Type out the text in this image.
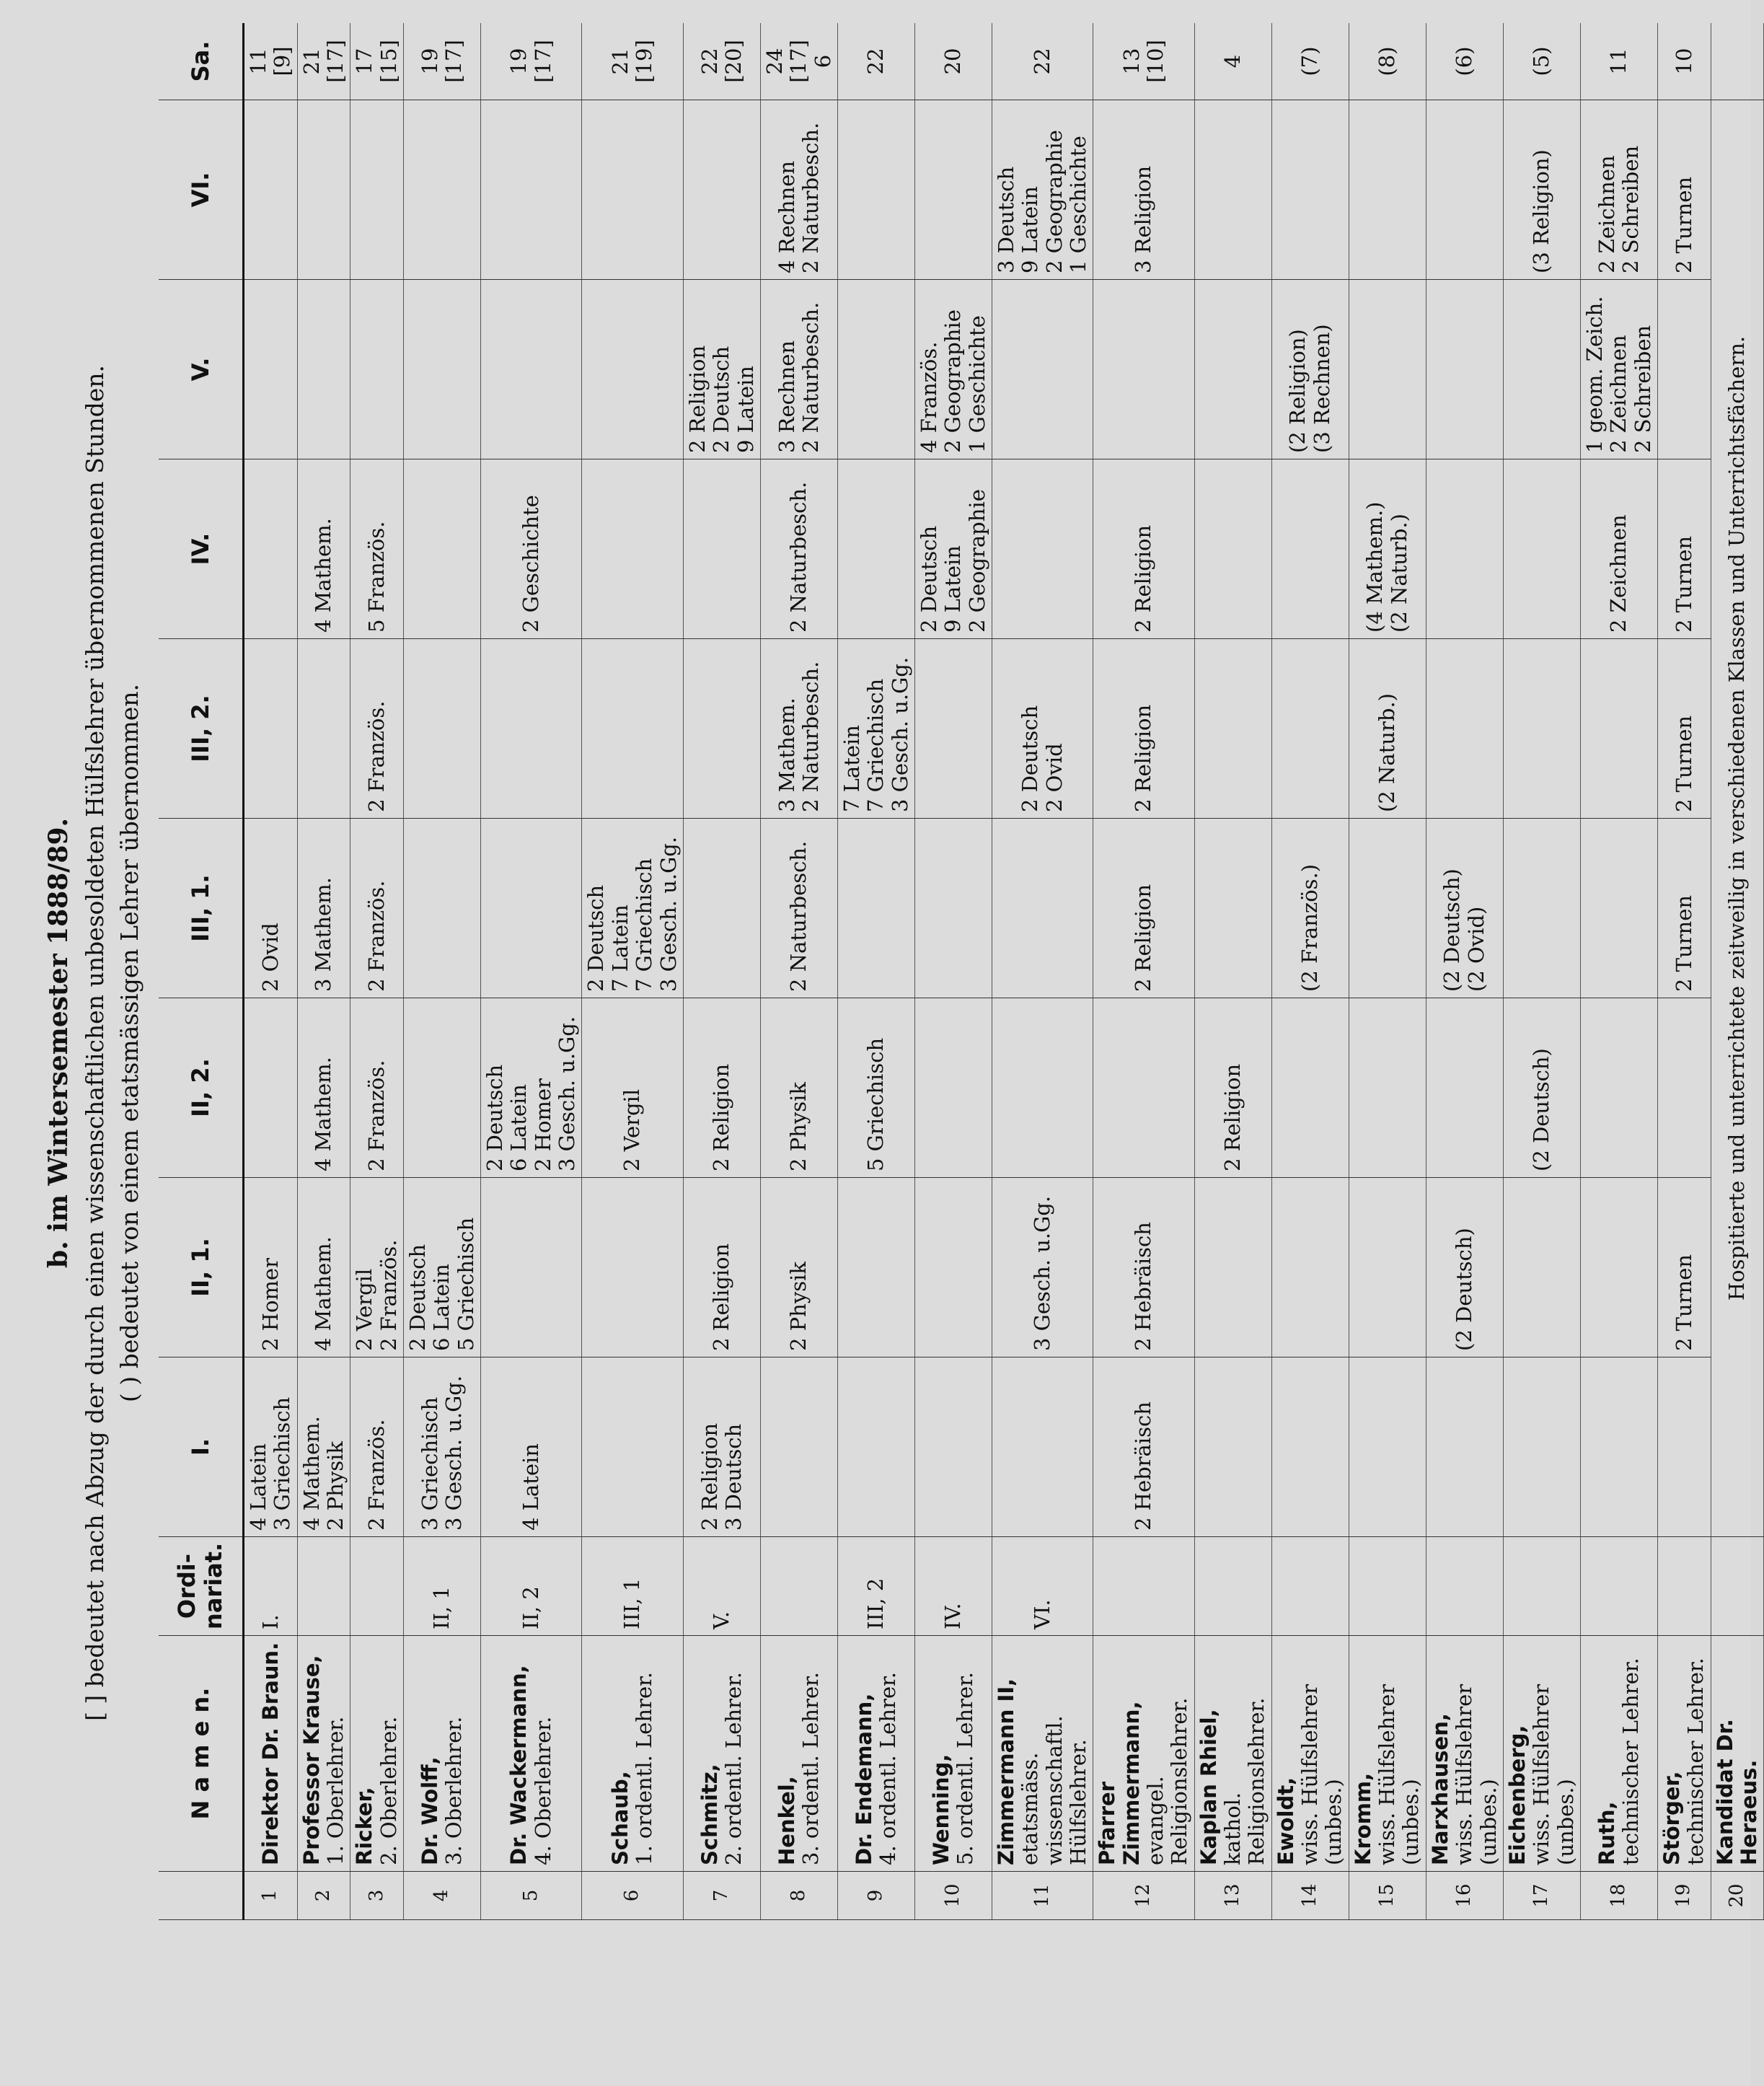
b. im Wintersemester 1888/89. [ ] bedeutet nach Abzug der durch einen wissenschaftlichen unbesoldeten Hülfslehrer übernommenen Stunden. ( ) bedeutet von einem etatsmässigen Lehrer übernommen.
	N a m e n.	Ordi-nariat.	I.	II, 1.	II, 2.	III, 1.	III, 2.	IV.	V.	VI.	Sa.
1	Direktor Dr. Braun.	I.	4 Latein 3 Griechisch	2 Homer		2 Ovid					11 [9]

2	Professor Krause, 1. Oberlehrer.		4 Mathem. 2 Physik	4 Mathem.	4 Mathem.	3 Mathem.		4 Mathem.			21 [17]

3	Ricker, 2. Oberlehrer.		2 Französ.	2 Vergil 2 Französ.	2 Französ.	2 Französ.	2 Französ.	5 Französ.			17 [15]

4	Dr. Wolff, 3. Oberlehrer.	II, 1	3 Griechisch 3 Gesch. u.Gg.	2 Deutsch 6 Latein 5 Griechisch							19 [17]

5	Dr. Wackermann, 4. Oberlehrer.	II, 2	4 Latein		2 Deutsch 6 Latein 2 Homer 3 Gesch. u.Gg.			2 Geschichte			19 [17]

6	Schaub, 1. ordentl. Lehrer.	III, 1			2 Vergil	2 Deutsch 7 Latein 7 Griechisch 3 Gesch. u.Gg.					21 [19]

7	Schmitz, 2. ordentl. Lehrer.	V.	2 Religion 3 Deutsch	2 Religion	2 Religion				2 Religion 2 Deutsch 9 Latein		22 [20]

8	Henkel, 3. ordentl. Lehrer.			2 Physik	2 Physik	2 Naturbesch.	3 Mathem. 2 Naturbesch.	2 Naturbesch.	3 Rechnen 2 Naturbesch.	4 Rechnen 2 Naturbesch.	24 [17] 6

9	Dr. Endemann, 4. ordentl. Lehrer.	III, 2			5 Griechisch		7 Latein 7 Griechisch 3 Gesch. u.Gg.				22

10	Wenning, 5. ordentl. Lehrer.	IV.						2 Deutsch 9 Latein 2 Geographie	4 Französ. 2 Geographie 1 Geschichte		20

11	Zimmermann II, etatsmäss. wissenschaftl. Hülfslehrer.	VI.		3 Gesch. u.Gg.			2 Deutsch 2 Ovid			3 Deutsch 9 Latein 2 Geographie 1 Geschichte	22

12	Pfarrer Zimmermann, evangel. Religionslehrer.		2 Hebräisch	2 Hebräisch		2 Religion	2 Religion	2 Religion		3 Religion	13 [10]

13	Kaplan Rhiel, kathol. Religionslehrer.				2 Religion						4

14	Ewoldt, wiss. Hülfslehrer (unbes.)					(2 Französ.)			(2 Religion) (3 Rechnen)		(7)

15	Kromm, wiss. Hülfslehrer (unbes.)						(2 Naturb.)	(4 Mathem.) (2 Naturb.)			(8)

16	Marxhausen, wiss. Hülfslehrer (unbes.)			(2 Deutsch)		(2 Deutsch) (2 Ovid)					(6)

17	Eichenberg, wiss. Hülfslehrer (unbes.)				(2 Deutsch)					(3 Religion)	(5)

18	Ruth, technischer Lehrer.							2 Zeichnen	1 geom. Zeich. 2 Zeichnen 2 Schreiben	2 Zeichnen 2 Schreiben	11

19	Störger, technischer Lehrer.			2 Turnen		2 Turnen	2 Turnen	2 Turnen		2 Turnen	10

20	Kandidat Dr. Heraeus.		Hospitierte und unterrichtete zeitweilig in verschiedenen Klassen und Unterrichtsfächern.								
